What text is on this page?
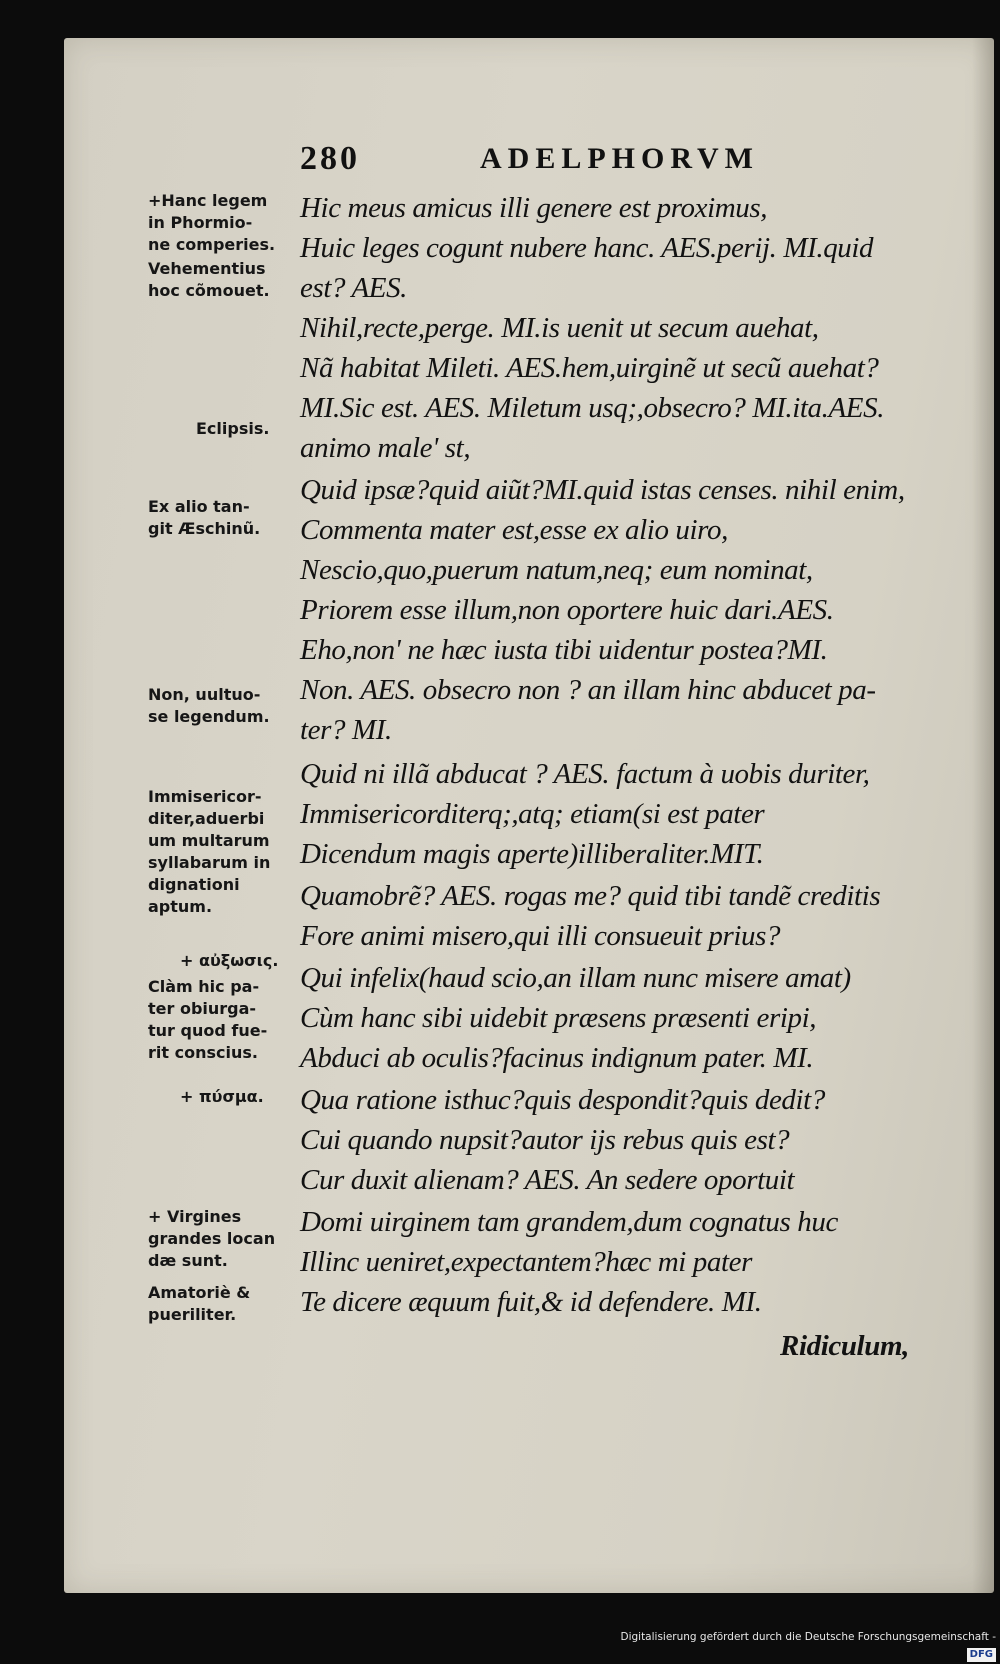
280	ADELPHORVM
+Hanc legem
in Phormio-
ne comperies.
Vehementius
hoc cõmouet.
Eclipsis.
Ex alio tan-
git Æschinũ.
Non, uultuo-
se legendum.
Immisericor-
diter,aduerbi
um multarum
syllabarum in
dignationi
aptum.
+ αὐξωσις.
Clàm hic pa-
ter obiurga-
tur quod fue-
rit conscius.
+ πύσμα.
+ Virgines
grandes locan
dæ sunt.
Amatoriè &
pueriliter.
Hic meus amicus illi genere est proximus,
Huic leges cogunt nubere hanc. AES.perij. MI.quid
est? AES.
Nihil,recte,perge. MI.is uenit ut secum auehat,
Nã habitat Mileti. AES.hem,uirginẽ ut secũ auehat?
MI.Sic est. AES. Miletum usq;,obsecro? MI.ita.AES.
animo male' st,
Quid ipsæ?quid aiũt?MI.quid istas censes. nihil enim,
Commenta mater est,esse ex alio uiro,
Nescio,quo,puerum natum,neq; eum nominat,
Priorem esse illum,non oportere huic dari.AES.
Eho,non' ne hæc iusta tibi uidentur postea?MI.
Non. AES. obsecro non ? an illam hinc abducet pa-
ter? MI.
Quid ni illã abducat ? AES. factum à uobis duriter,
Immisericorditerq;,atq; etiam(si est pater
Dicendum magis aperte)illiberaliter.MIT.
Quamobrẽ? AES. rogas me? quid tibi tandẽ creditis
Fore animi misero,qui illi consueuit prius?
Qui infelix(haud scio,an illam nunc misere amat)
Cùm hanc sibi uidebit præsens præsenti eripi,
Abduci ab oculis?facinus indignum pater. MI.
Qua ratione isthuc?quis despondit?quis dedit?
Cui quando nupsit?autor ijs rebus quis est?
Cur duxit alienam? AES. An sedere oportuit
Domi uirginem tam grandem,dum cognatus huc
Illinc ueniret,expectantem?hæc mi pater
Te dicere æquum fuit,& id defendere. MI.
Ridiculum,
Digitalisierung gefördert durch die Deutsche Forschungsgemeinschaft -DFG
